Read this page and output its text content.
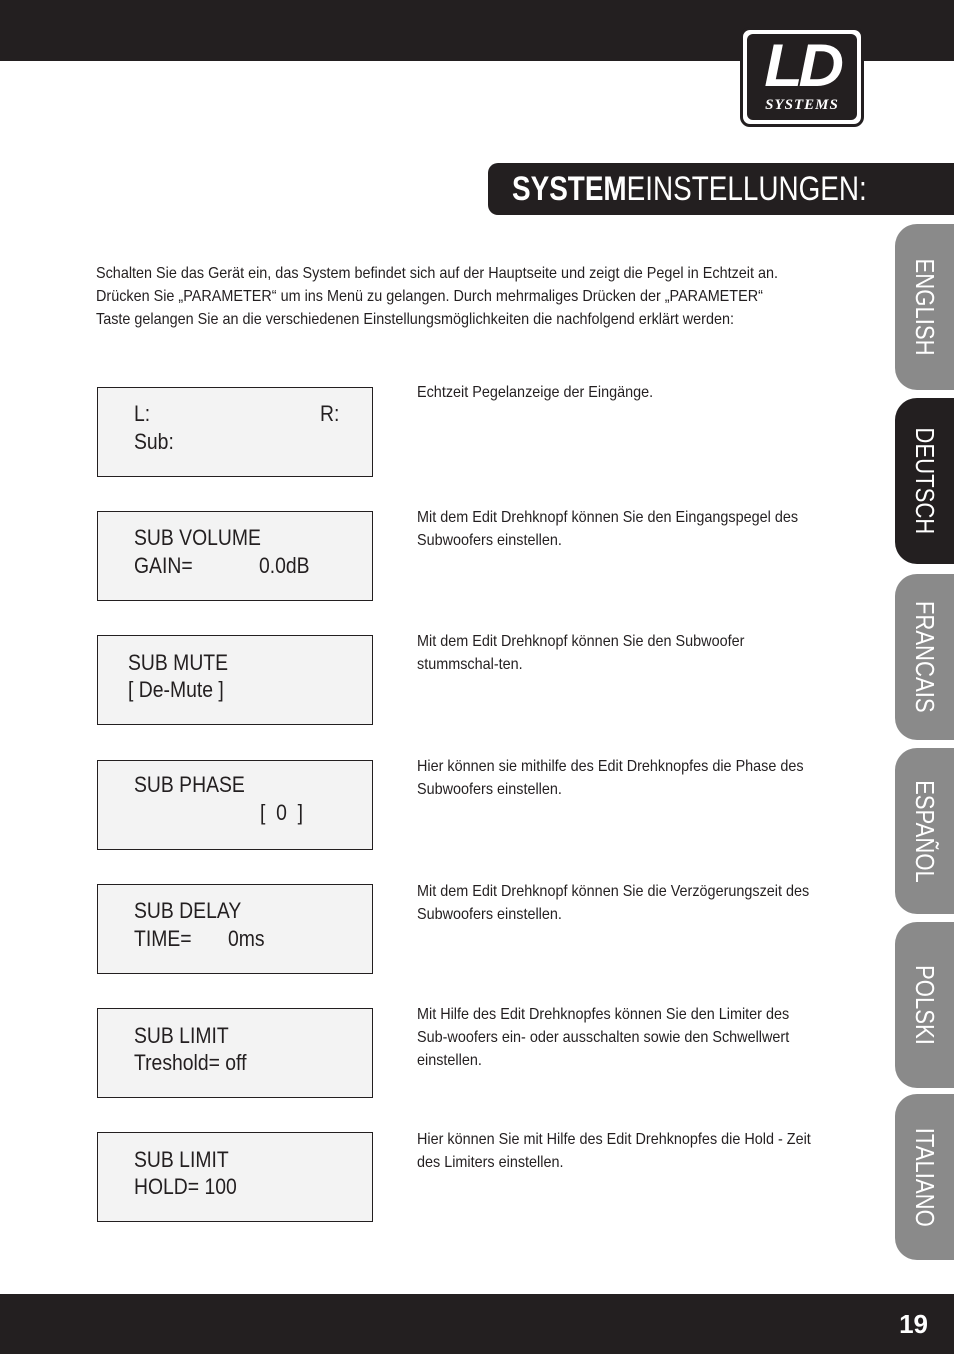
LD
SYSTEMS
SYSTEMEINSTELLUNGEN:
Schalten Sie das Gerät ein, das System befindet sich auf der Hauptseite und zeigt die Pegel in Echtzeit an. Drücken Sie „PARAMETER“ um ins Menü zu gelangen. Durch mehrmaliges Drücken der „PARAMETER“ Taste gelangen Sie an die verschiedenen Einstellungsmöglichkeiten die nachfolgend erklärt werden:
L:	R:
Sub:
Echtzeit Pegelanzeige der Eingänge.
SUB VOLUME
GAIN=	0.0dB
Mit dem Edit Drehknopf können Sie den Eingangspegel des Subwoofers einstellen.
SUB MUTE
[ De-Mute ]
Mit dem Edit Drehknopf können Sie den Subwoofer stummschal-ten.
SUB PHASE
[  0  ]
Hier können sie mithilfe des Edit Drehknopfes die Phase des Subwoofers einstellen.
SUB DELAY
TIME= 0ms
Mit dem Edit Drehknopf können Sie die Verzögerungszeit des Subwoofers einstellen.
SUB LIMIT
Treshold= off
Mit Hilfe des Edit Drehknopfes können Sie den Limiter des Sub-woofers ein- oder ausschalten sowie den Schwellwert einstellen.
SUB LIMIT
HOLD= 100
Hier können Sie mit Hilfe des Edit Drehknopfes die Hold - Zeit des Limiters einstellen.
ENGLISH
DEUTSCH
FRANCAIS
ESPAÑOL
POLSKI
ITALIANO
19
